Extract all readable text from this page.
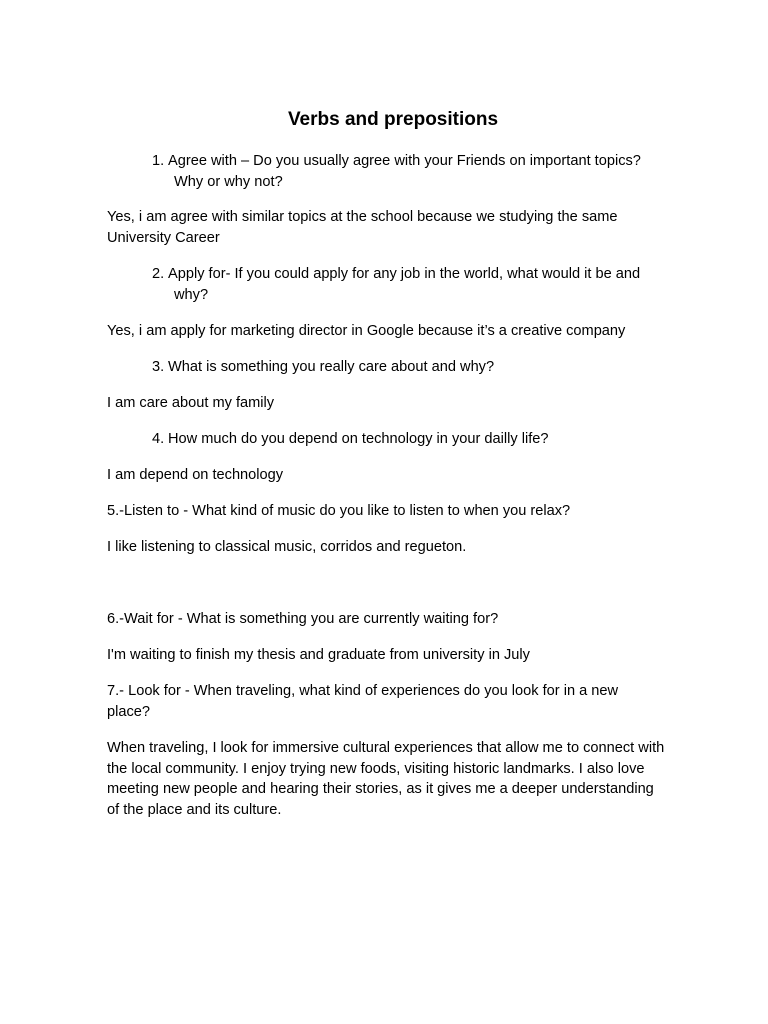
Verbs and prepositions
1. Agree with – Do you usually agree with your Friends on important topics?
Why or why not?

Yes, i am agree with similar topics at the school because we studying the same University Career

2. Apply for- If you could apply for any job in the world, what would it be and
why?

Yes, i am apply for marketing director in Google because it’s a creative company

3. What is something you really care about and why?

I am care about my family

4. How much do you depend on technology in your dailly life?

I am depend on technology

5.-Listen to - What kind of music do you like to listen to when you relax?

I like listening to classical music, corridos and regueton.

6.-Wait for - What is something you are currently waiting for?

I'm waiting to finish my thesis and graduate from university in July

7.- Look for - When traveling, what kind of experiences do you look for in a new place?

When traveling, I look for immersive cultural experiences that allow me to connect with the local community. I enjoy trying new foods, visiting historic landmarks. I also love meeting new people and hearing their stories, as it gives me a deeper understanding of the place and its culture.
